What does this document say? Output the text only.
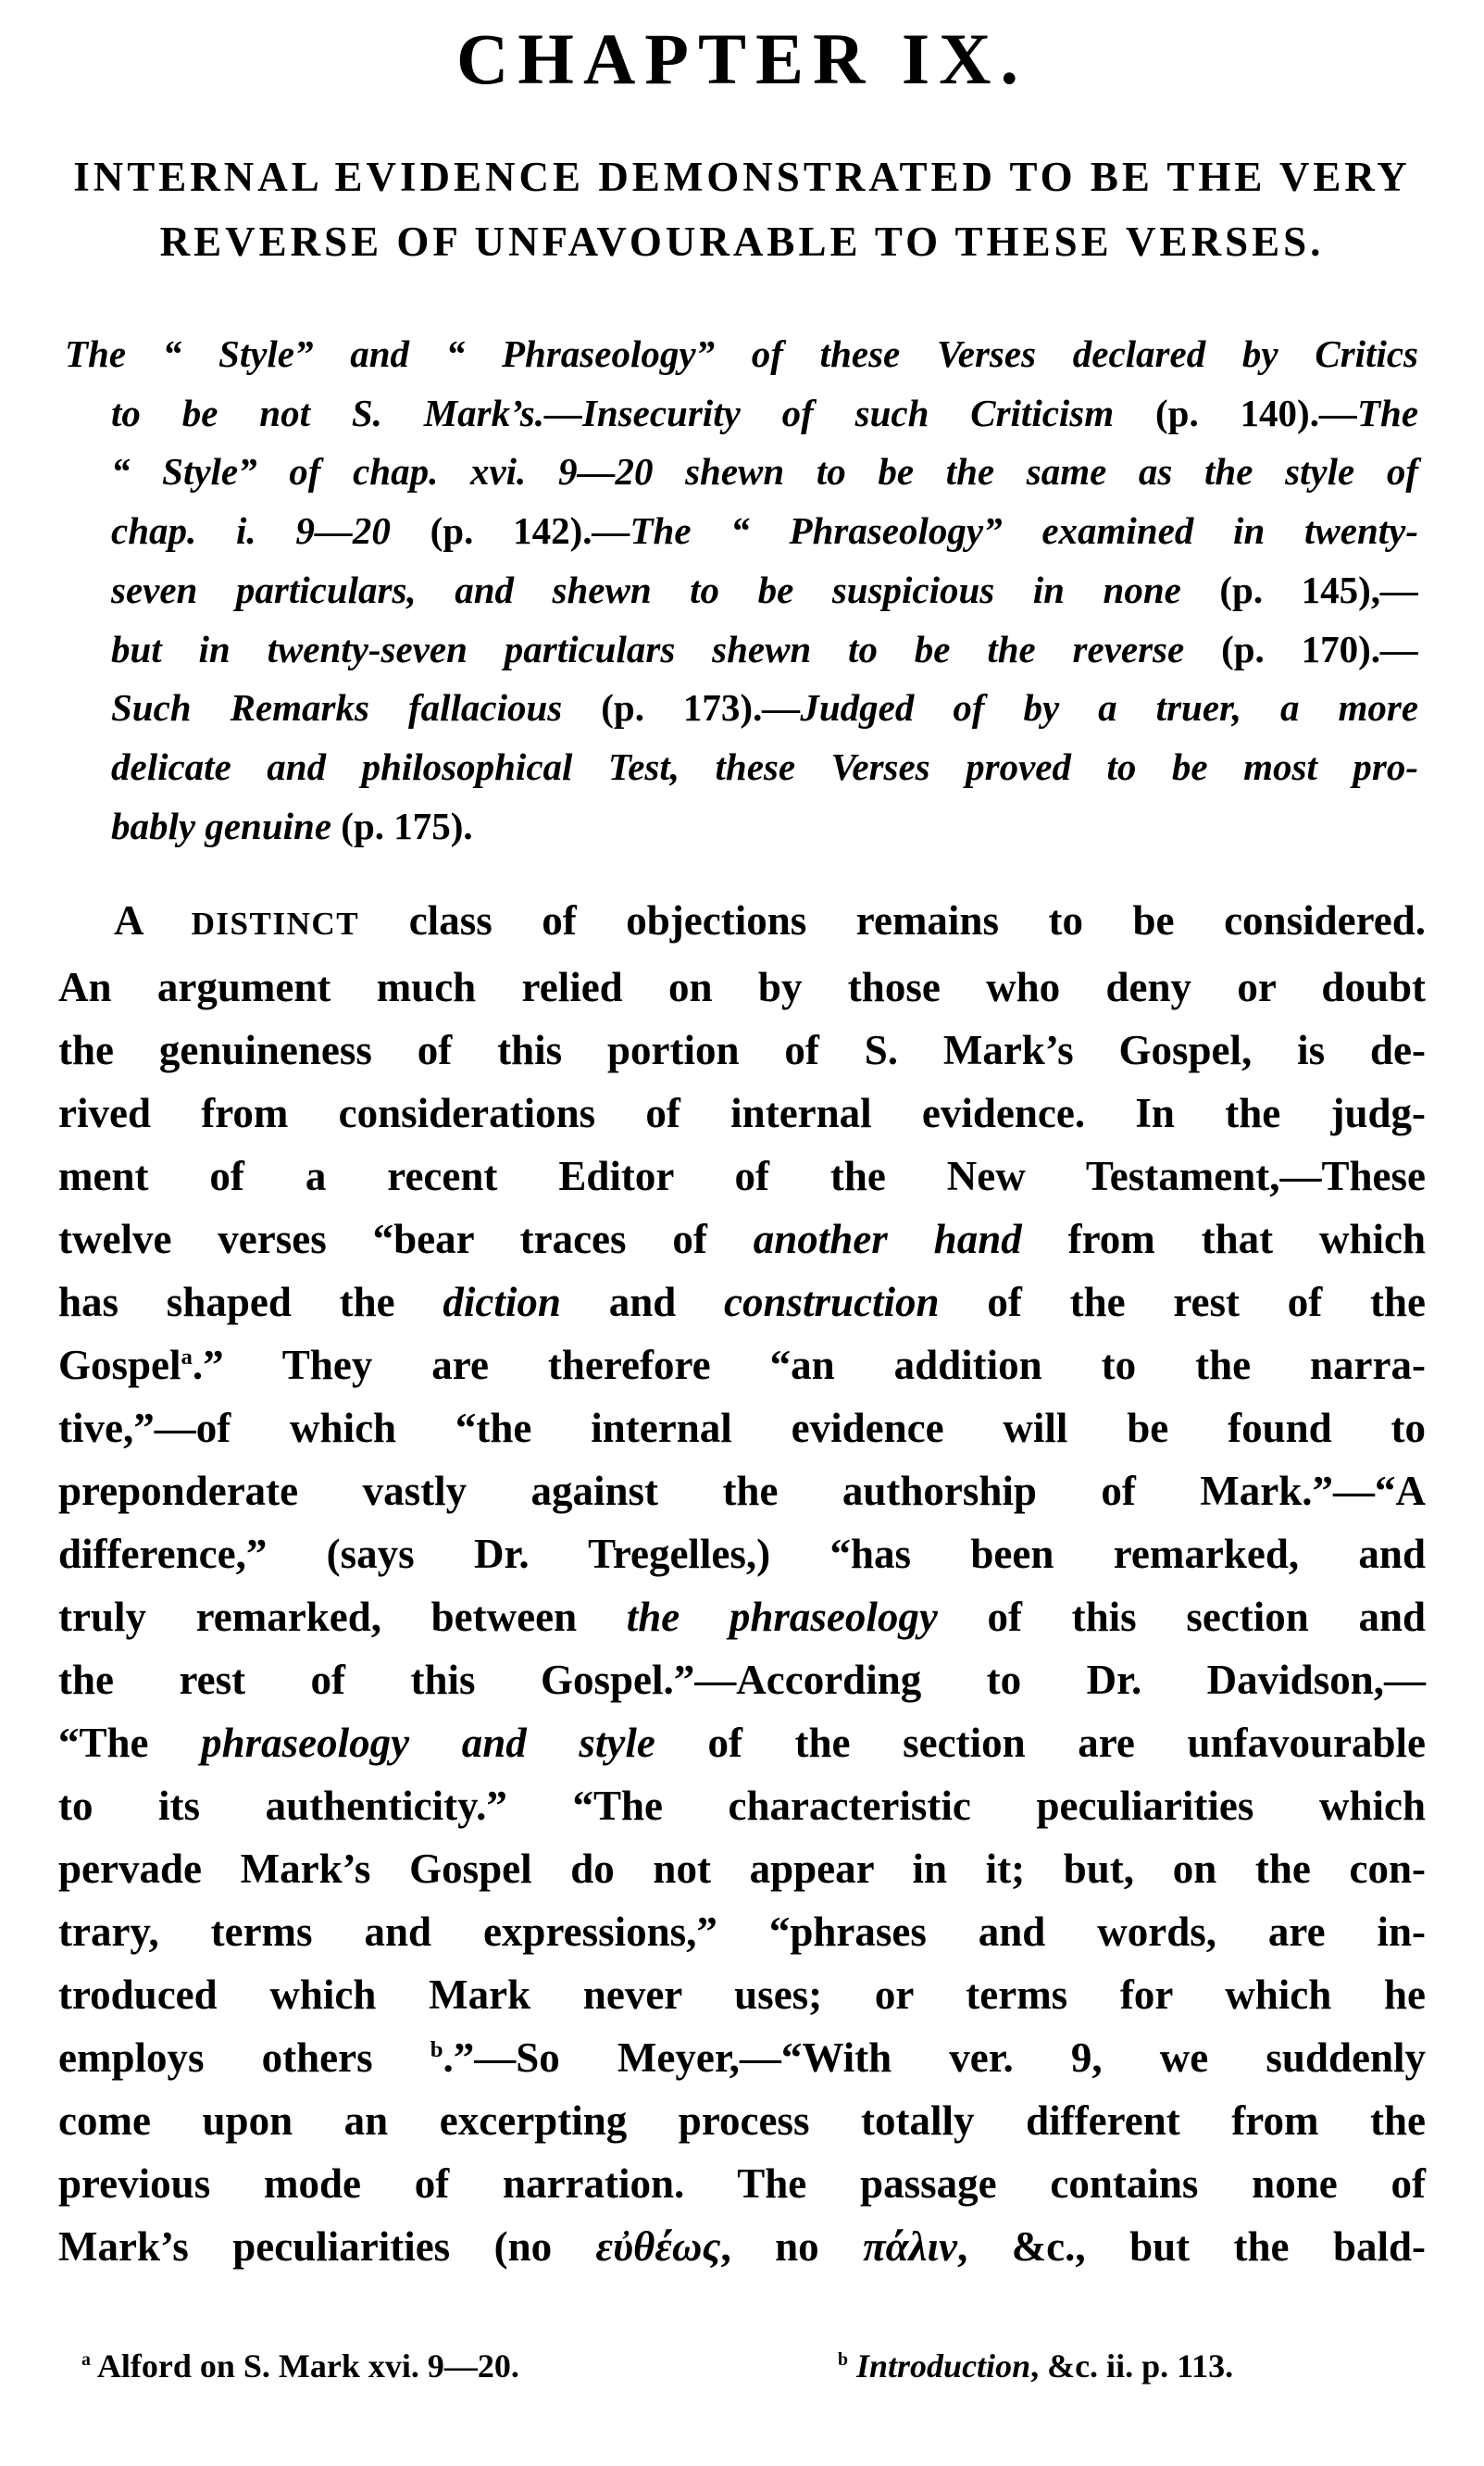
CHAPTER IX.
INTERNAL EVIDENCE DEMONSTRATED TO BE THE VERY
REVERSE OF UNFAVOURABLE TO THESE VERSES.
The “ Style” and “ Phraseology” of these Verses declared by Critics
to be not S. Mark’s.—Insecurity of such Criticism (p. 140).—The
“ Style” of chap. xvi. 9—20 shewn to be the same as the style of
chap. i. 9—20 (p. 142).—The “ Phraseology” examined in twenty-
seven particulars, and shewn to be suspicious in none (p. 145),—
but in twenty-seven particulars shewn to be the reverse (p. 170).—
Such Remarks fallacious (p. 173).—Judged of by a truer, a more
delicate and philosophical Test, these Verses proved to be most pro-
bably genuine (p. 175).
A DISTINCT class of objections remains to be considered.
An argument much relied on by those who deny or doubt
the genuineness of this portion of S. Mark’s Gospel, is de-
rived from considerations of internal evidence. In the judg-
ment of a recent Editor of the New Testament,—These
twelve verses “bear traces of another hand from that which
has shaped the diction and construction of the rest of the
Gospel$^a$.” They are therefore “an addition to the narra-
tive,”—of which “the internal evidence will be found to
preponderate vastly against the authorship of Mark.”—“A
difference,” (says Dr. Tregelles,) “has been remarked, and
truly remarked, between the phraseology of this section and
the rest of this Gospel.”—According to Dr. Davidson,—
“The phraseology and style of the section are unfavourable
to its authenticity.” “The characteristic peculiarities which
pervade Mark’s Gospel do not appear in it; but, on the con-
trary, terms and expressions,” “phrases and words, are in-
troduced which Mark never uses; or terms for which he
employs others $^b$.”—So Meyer,—“With ver. 9, we suddenly
come upon an excerpting process totally different from the
previous mode of narration. The passage contains none of
Mark’s peculiarities (no εὐθέως, no πάλιν, &c., but the bald-
$^a$ Alford on S. Mark xvi. 9—20.	$^b$ Introduction, &c. ii. p. 113.
